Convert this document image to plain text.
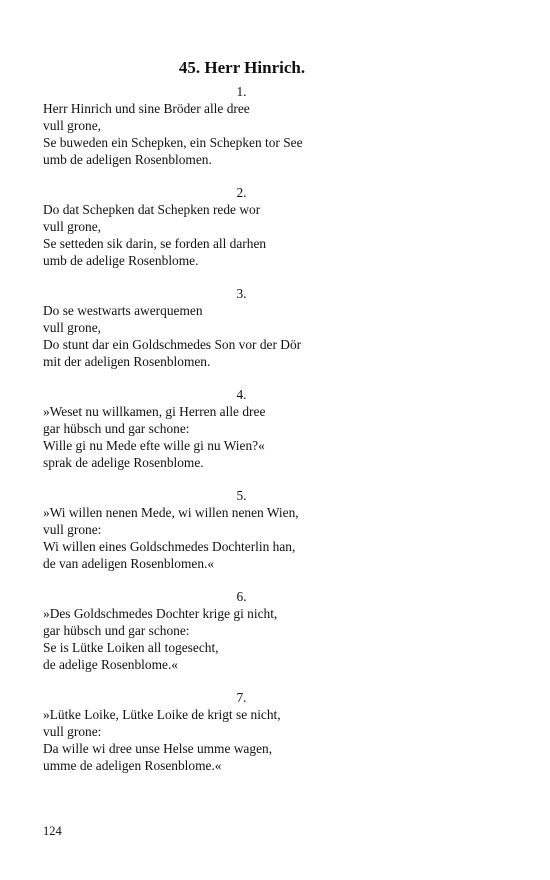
45. Herr Hinrich.
1.
Herr Hinrich und sine Bröder alle dree
vull grone,
Se buweden ein Schepken, ein Schepken tor See
umb de adeligen Rosenblomen.
2.
Do dat Schepken dat Schepken rede wor
vull grone,
Se setteden sik darin, se forden all darhen
umb de adelige Rosenblome.
3.
Do se westwarts awerquemen
vull grone,
Do stunt dar ein Goldschmedes Son vor der Dör
mit der adeligen Rosenblomen.
4.
»Weset nu willkamen, gi Herren alle dree
gar hübsch und gar schone:
Wille gi nu Mede efte wille gi nu Wien?«
sprak de adelige Rosenblome.
5.
»Wi willen nenen Mede, wi willen nenen Wien,
vull grone:
Wi willen eines Goldschmedes Dochterlin han,
de van adeligen Rosenblomen.«
6.
»Des Goldschmedes Dochter krige gi nicht,
gar hübsch und gar schone:
Se is Lütke Loiken all togesecht,
de adelige Rosenblome.«
7.
»Lütke Loike, Lütke Loike de krigt se nicht,
vull grone:
Da wille wi dree unse Helse umme wagen,
umme de adeligen Rosenblome.«
124
